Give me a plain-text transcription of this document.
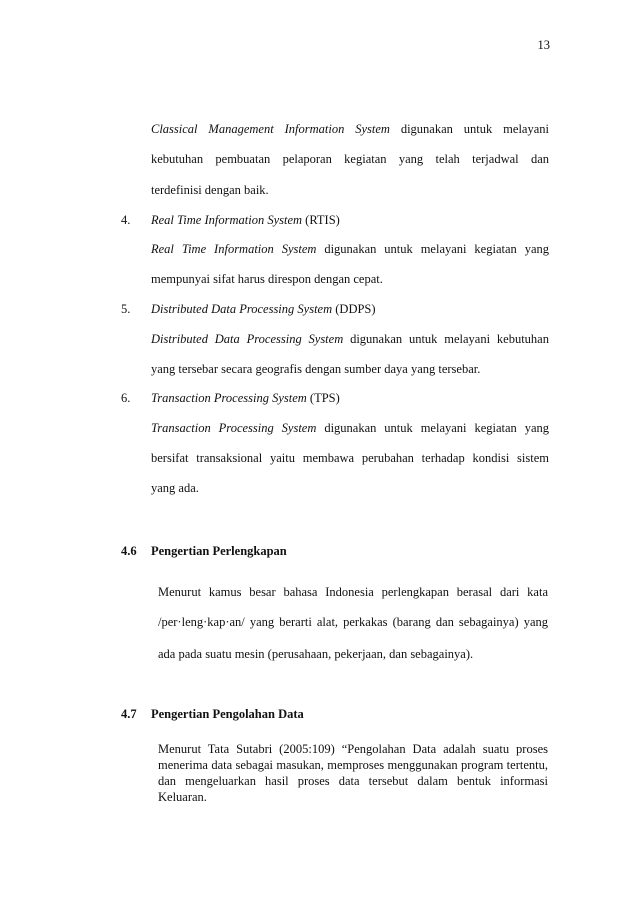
13
Classical Management Information System digunakan untuk melayani
kebutuhan pembuatan pelaporan kegiatan yang telah terjadwal dan
terdefinisi dengan baik.
4. Real Time Information System (RTIS)
Real Time Information System digunakan untuk melayani kegiatan yang
mempunyai sifat harus direspon dengan cepat.
5. Distributed Data Processing System (DDPS)
Distributed Data Processing System digunakan untuk melayani kebutuhan
yang tersebar secara geografis dengan sumber daya yang tersebar.
6. Transaction Processing System (TPS)
Transaction Processing System digunakan untuk melayani kegiatan yang
bersifat transaksional yaitu membawa perubahan terhadap kondisi sistem
yang ada.
4.6 Pengertian Perlengkapan
Menurut kamus besar bahasa Indonesia perlengkapan berasal dari kata
/per·leng·kap·an/ yang berarti alat, perkakas (barang dan sebagainya) yang
ada pada suatu mesin (perusahaan, pekerjaan, dan sebagainya).
4.7 Pengertian Pengolahan Data
Menurut Tata Sutabri (2005:109) “Pengolahan Data adalah suatu proses menerima data sebagai masukan, memproses menggunakan program tertentu, dan mengeluarkan hasil proses data tersebut dalam bentuk informasi Keluaran.
